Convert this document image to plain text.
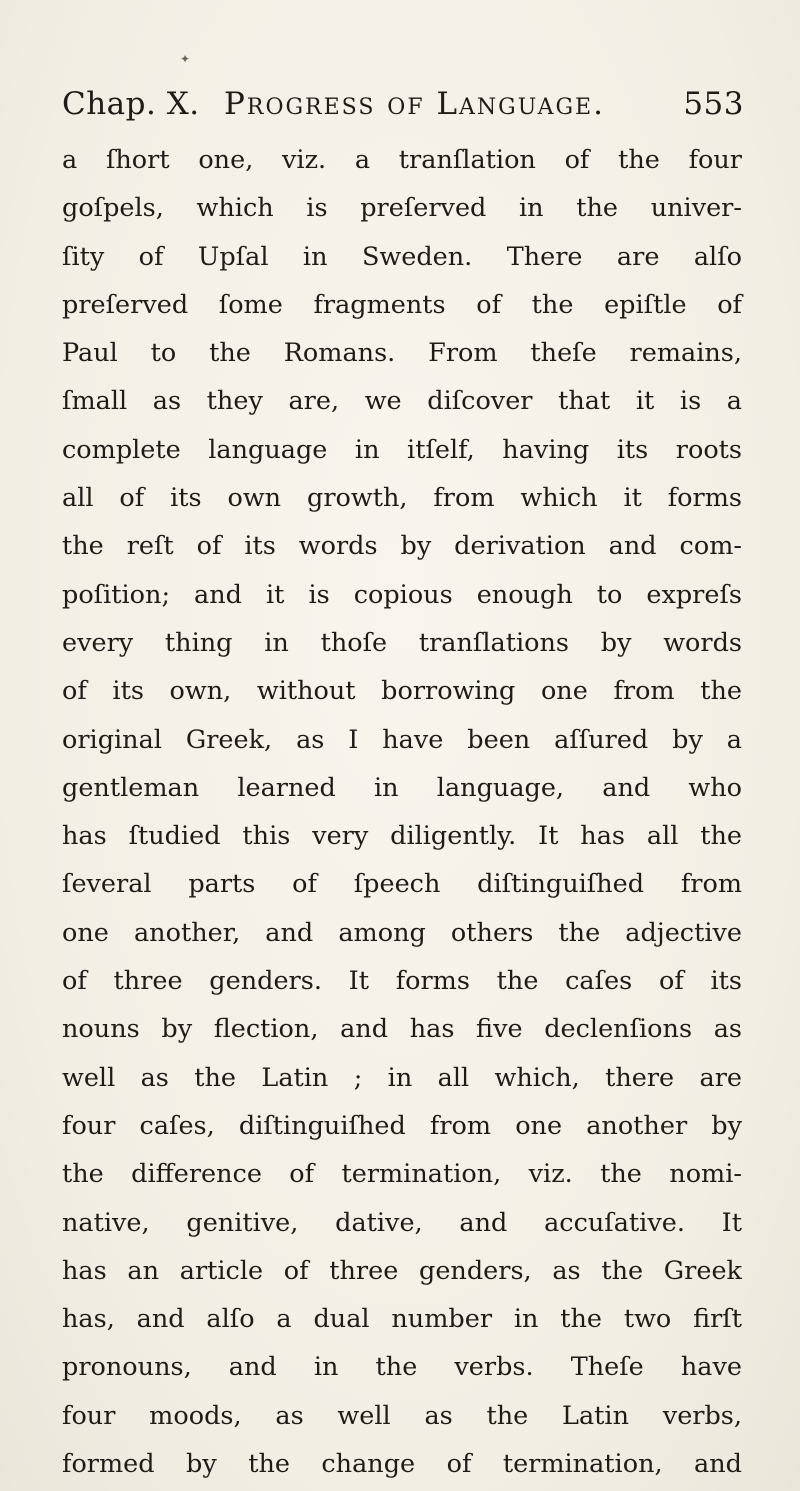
✦
Chap. X. Progress of Language.	553
a ſhort one, viz. a tranſlation of the four
goſpels, which is preſerved in the univer-
ſity of Upſal in Sweden. There are alſo
preſerved ſome fragments of the epiſtle of
Paul to the Romans. From theſe remains,
ſmall as they are, we diſcover that it is a
complete language in itſelf, having its roots
all of its own growth, from which it forms
the reſt of its words by derivation and com-
poſition; and it is copious enough to expreſs
every thing in thoſe tranſlations by words
of its own, without borrowing one from the
original Greek, as I have been aſſured by a
gentleman learned in language, and who
has ſtudied this very diligently. It has all the
ſeveral parts of ſpeech diſtinguiſhed from
one another, and among others the adjective
of three genders. It forms the caſes of its
nouns by flection, and has five declenſions as
well as the Latin ; in all which, there are
four caſes, diſtinguiſhed from one another by
the difference of termination, viz. the nomi-
native, genitive, dative, and accuſative. It
has an article of three genders, as the Greek
has, and alſo a dual number in the two firſt
pronouns, and in the verbs. Theſe have
four moods, as well as the Latin verbs,
formed by the change of termination, and
